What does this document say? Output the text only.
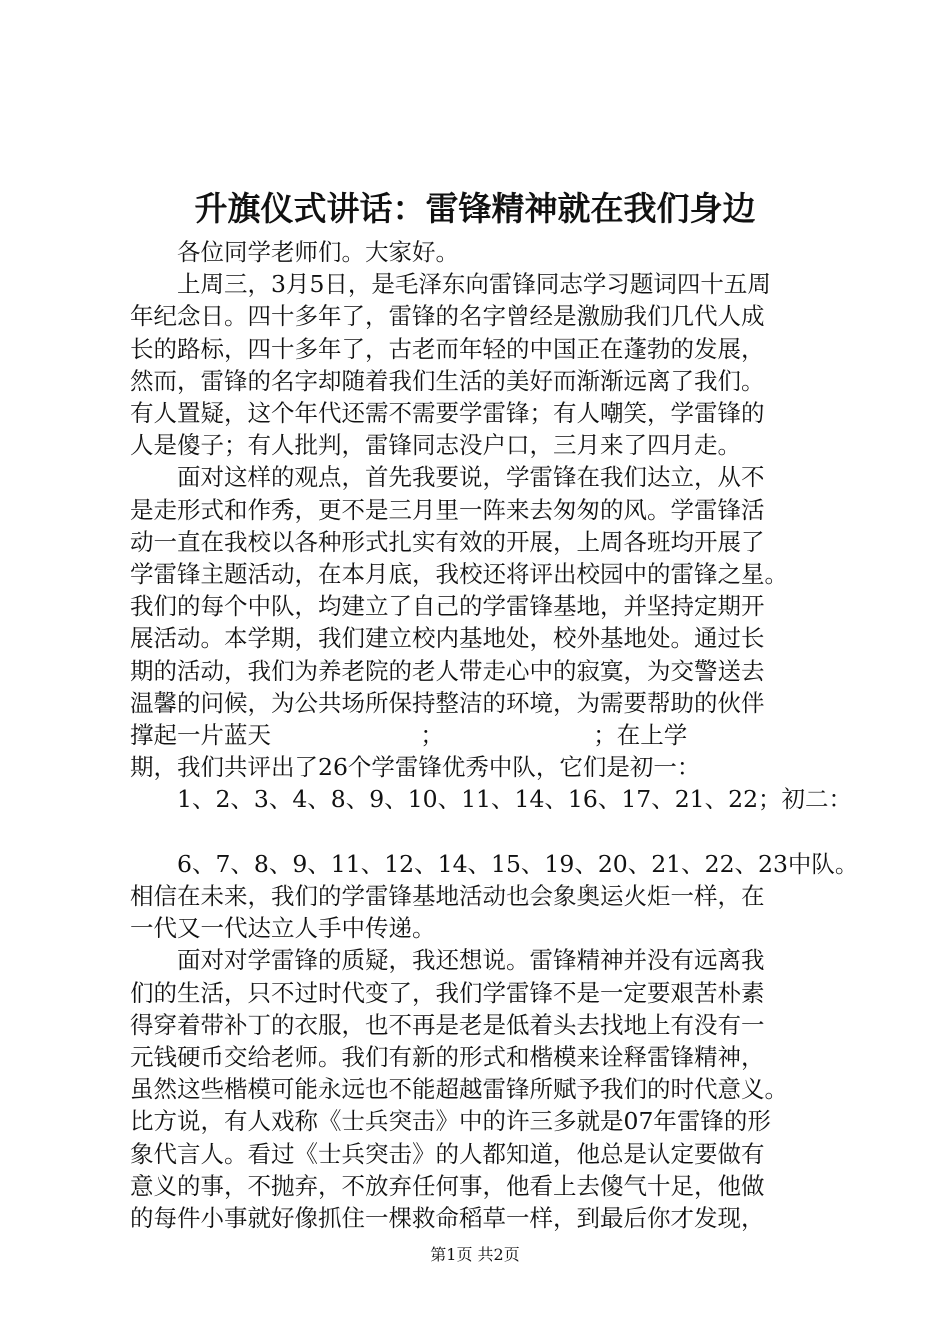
升旗仪式讲话：雷锋精神就在我们身边
　　各位同学老师们。大家好。
　　上周三，3月5日，是毛泽东向雷锋同志学习题词四十五周
年纪念日。四十多年了，雷锋的名字曾经是激励我们几代人成
长的路标，四十多年了，古老而年轻的中国正在蓬勃的发展，
然而，雷锋的名字却随着我们生活的美好而渐渐远离了我们。
有人置疑，这个年代还需不需要学雷锋；有人嘲笑，学雷锋的
人是傻子；有人批判，雷锋同志没户口，三月来了四月走。
　　面对这样的观点，首先我要说，学雷锋在我们达立，从不
是走形式和作秀，更不是三月里一阵来去匆匆的风。学雷锋活
动一直在我校以各种形式扎实有效的开展，上周各班均开展了
学雷锋主题活动，在本月底，我校还将评出校园中的雷锋之星。
我们的每个中队，均建立了自己的学雷锋基地，并坚持定期开
展活动。本学期，我们建立校内基地处，校外基地处。通过长
期的活动，我们为养老院的老人带走心中的寂寞，为交警送去
温馨的问候，为公共场所保持整洁的环境，为需要帮助的伙伴
撑起一片蓝天                    ；                    ；在上学
期，我们共评出了26个学雷锋优秀中队，它们是初一：
　　1、2、3、4、8、9、10、11、14、16、17、21、22；初二：
　　6、7、8、9、11、12、14、15、19、20、21、22、23中队。
相信在未来，我们的学雷锋基地活动也会象奥运火炬一样，在
一代又一代达立人手中传递。
　　面对对学雷锋的质疑，我还想说。雷锋精神并没有远离我
们的生活，只不过时代变了，我们学雷锋不是一定要艰苦朴素
得穿着带补丁的衣服，也不再是老是低着头去找地上有没有一
元钱硬币交给老师。我们有新的形式和楷模来诠释雷锋精神，
虽然这些楷模可能永远也不能超越雷锋所赋予我们的时代意义。
比方说，有人戏称《士兵突击》中的许三多就是07年雷锋的形
象代言人。看过《士兵突击》的人都知道，他总是认定要做有
意义的事，不抛弃，不放弃任何事，他看上去傻气十足，他做
的每件小事就好像抓住一棵救命稻草一样，到最后你才发现，
第1页 共2页
